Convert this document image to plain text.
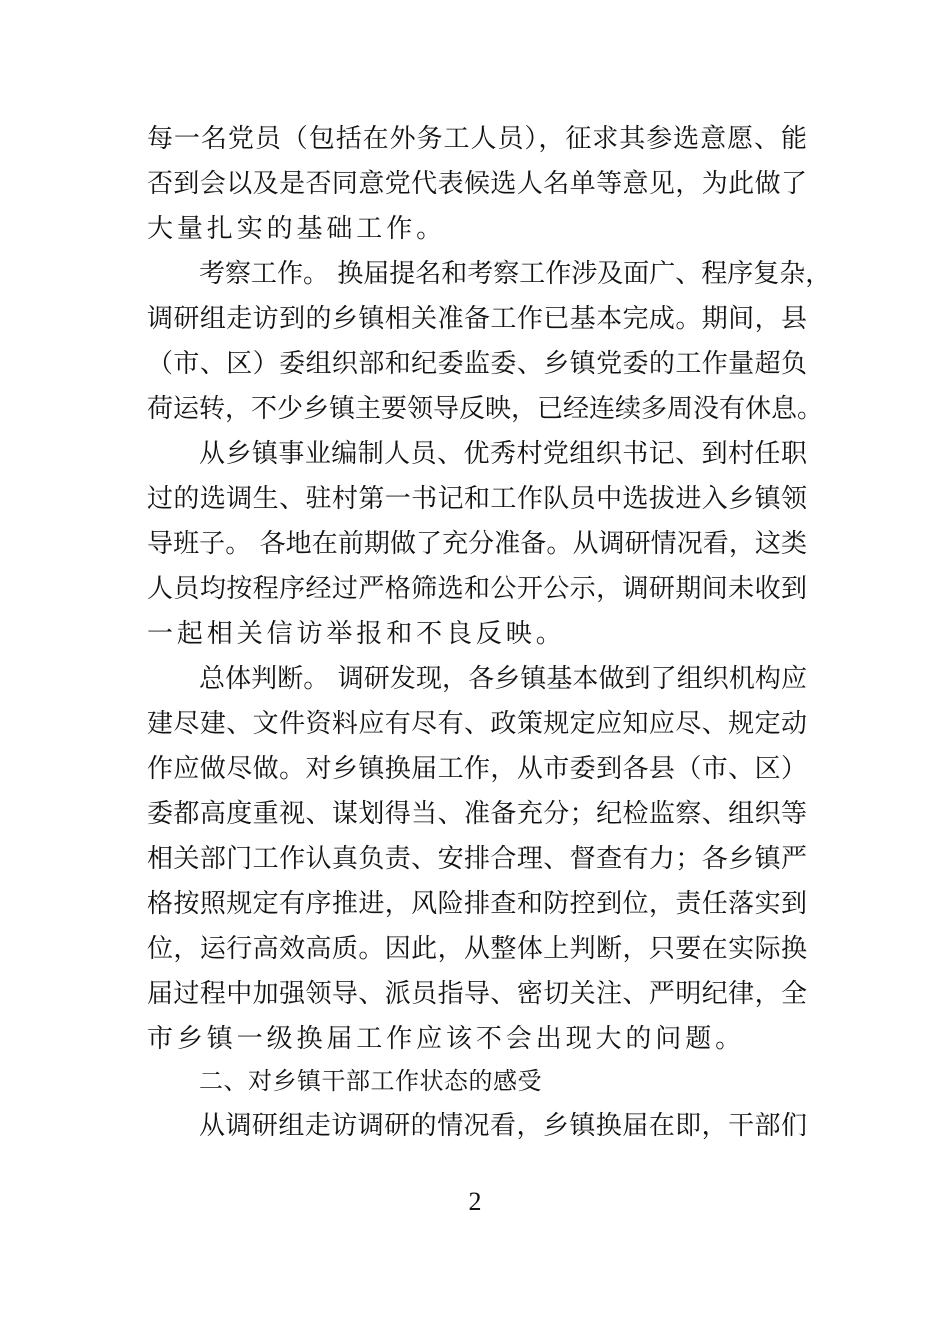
每一名党员（包括在外务工人员），征求其参选意愿、能
否到会以及是否同意党代表候选人名单等意见，为此做了
大量扎实的基础工作。
考察工作。 换届提名和考察工作涉及面广、程序复杂，
调研组走访到的乡镇相关准备工作已基本完成。期间，县
（市、区）委组织部和纪委监委、乡镇党委的工作量超负
荷运转，不少乡镇主要领导反映，已经连续多周没有休息。
从乡镇事业编制人员、优秀村党组织书记、到村任职
过的选调生、驻村第一书记和工作队员中选拔进入乡镇领
导班子。 各地在前期做了充分准备。从调研情况看，这类
人员均按程序经过严格筛选和公开公示，调研期间未收到
一起相关信访举报和不良反映。
总体判断。 调研发现，各乡镇基本做到了组织机构应
建尽建、文件资料应有尽有、政策规定应知应尽、规定动
作应做尽做。对乡镇换届工作，从市委到各县（市、区）
委都高度重视、谋划得当、准备充分；纪检监察、组织等
相关部门工作认真负责、安排合理、督查有力；各乡镇严
格按照规定有序推进，风险排查和防控到位，责任落实到
位，运行高效高质。因此，从整体上判断，只要在实际换
届过程中加强领导、派员指导、密切关注、严明纪律，全
市乡镇一级换届工作应该不会出现大的问题。
二、对乡镇干部工作状态的感受
从调研组走访调研的情况看，乡镇换届在即，干部们
2
